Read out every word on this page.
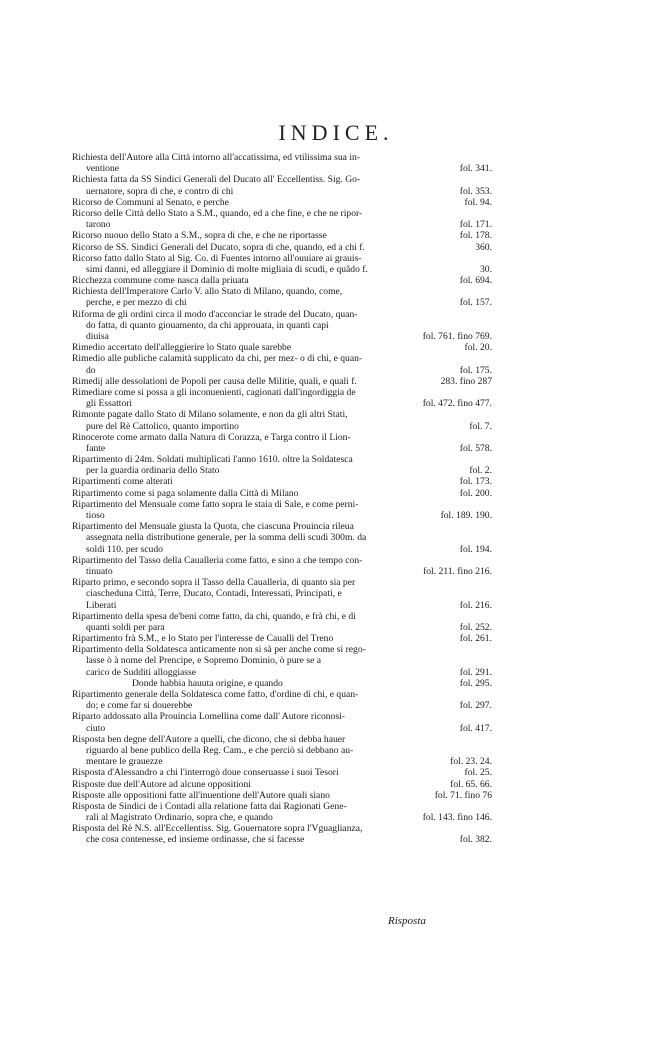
INDICE.
Richiesta dell'Autore alla Città intorno all'accatissima, ed vtilissima sua in-
ventione	fol. 341.
Richiesta fatta da SS Sindici Generali del Ducato all' Eccellentiss. Sig. Go-
uernatore, sopra di che, e contro di chi	fol. 353.
Ricorso de Communi al Senato, e perche	fol. 94.
Ricorso delle Città dello Stato a S.M., quando, ed a che fine, e che ne ripor-
tarono	fol. 171.
Ricorso nuouo dello Stato a S.M., sopra di che, e che ne riportasse	fol. 178.
Ricorso de SS. Sindici Generali del Ducato, sopra di che, quando, ed a chi f.	360.
Ricorso fatto dallo Stato al Sig. Co. di Fuentes intorno all'ouuiare ai grauis-
simi danni, ed alleggiare il Dominio di molte migliaia di scudi, e quãdo f.	30.
Ricchezza commune come nasca dalla priuata	fol. 694.
Richiesta dell'Imperatore Carlo V. allo Stato di Milano, quando, come,
perche, e per mezzo di chi	fol. 157.
Riforma de gli ordini circa il modo d'acconciar le strade del Ducato, quan-
do fatta, di quanto giouamento, da chi approuata, in quanti capi
diuisa	fol. 761. fino 769.
Rimedio accertato dell'alleggierire lo Stato quale sarebbe	fol. 20.
Rimedio alle publiche calamità supplicato da chi, per mez- o di chi, e quan-
do	fol. 175.
Rimedij alle dessolationi de Popoli per causa delle Militie, quali, e quali f.	283. fino 287
Rimediare come si possa a gli inconuenienti, cagionati dall'ingordiggia de
gli Essattori	fol. 472. fino 477.
Rimonte pagate dallo Stato di Milano solamente, e non da gli altri Stati,
pure del Rè Cattolico, quanto importino	fol. 7.
Rinocerote come armato dalla Natura di Corazza, e Targa contro il Lion-
fante	fol. 578.
Ripartimento di 24m. Soldati multiplicati l'anno 1610. oltre la Soldatesca
per la guardia ordinaria dello Stato	fol. 2.
Ripartimenti come alterati	fol. 173.
Ripartimento come si paga solamente dalla Città di Milano	fol. 200.
Ripartimento del Mensuale come fatto sopra le staia di Sale, e come perni-
tioso	fol. 189. 190.
Ripartimento del Mensuale giusta la Quota, che ciascuna Prouincia rileua
assegnata nella distributione generale, per la somma delli scudi 300m. da
soldi 110. per scudo	fol. 194.
Ripartimento del Tasso della Cauallerìa come fatto, e sino a che tempo con-
tinuato	fol. 211. fino 216.
Riparto primo, e secondo sopra il Tasso della Cauallerìa, di quanto sia per
ciascheduna Città, Terre, Ducato, Contadi, Interessati, Principati, e
Liberati	fol. 216.
Ripartimento della spesa de'beni come fatto, da chi, quando, e frà chi, e di
quanti soldi per para	fol. 252.
Ripartimento frà S.M., e lo Stato per l'interesse de Caualli del Treno	fol. 261.
Ripartimento della Soldatesca anticamente non si sà per anche come si rego-
lasse ò à nome del Prencipe, e Sopremo Dominio, ò pure se a
carico de Sudditi alloggiasse	fol. 291.
Donde habbia hauuta origine, e quando	fol. 295.
Ripartimento generale della Soldatesca come fatto, d'ordine di chi, e quan-
do; e come far si douerebbe	fol. 297.
Riparto addossato alla Prouincia Lomellina come dall' Autore riconosi-
ciuto	fol. 417.
Risposta ben degne dell'Autore a quelli, che dicono, che si debba hauer
riguardo al bene publico della Reg. Cam., e che perciò si debbano au-
mentare le grauezze	fol. 23. 24.
Risposta d'Alessandro a chi l'interrogò doue conseruasse i suoi Tesori	fol. 25.
Risposte due dell'Autore ad alcune oppositioni	fol. 65. 66.
Risposte alle oppositioni fatte all'inuentione dell'Autore quali siano	fol. 71. fino 76
Risposta de Sindici de i Contadi alla relatione fatta dai Ragionati Gene-
rali al Magistrato Ordinario, sopra che, e quando	fol. 143. fino 146.
Risposta del Rè N.S. all'Eccellentiss. Sig. Gouernatore sopra l'Vguaglianza,
che cosa contenesse, ed insieme ordinasse, che si facesse	fol. 382.
Risposta
